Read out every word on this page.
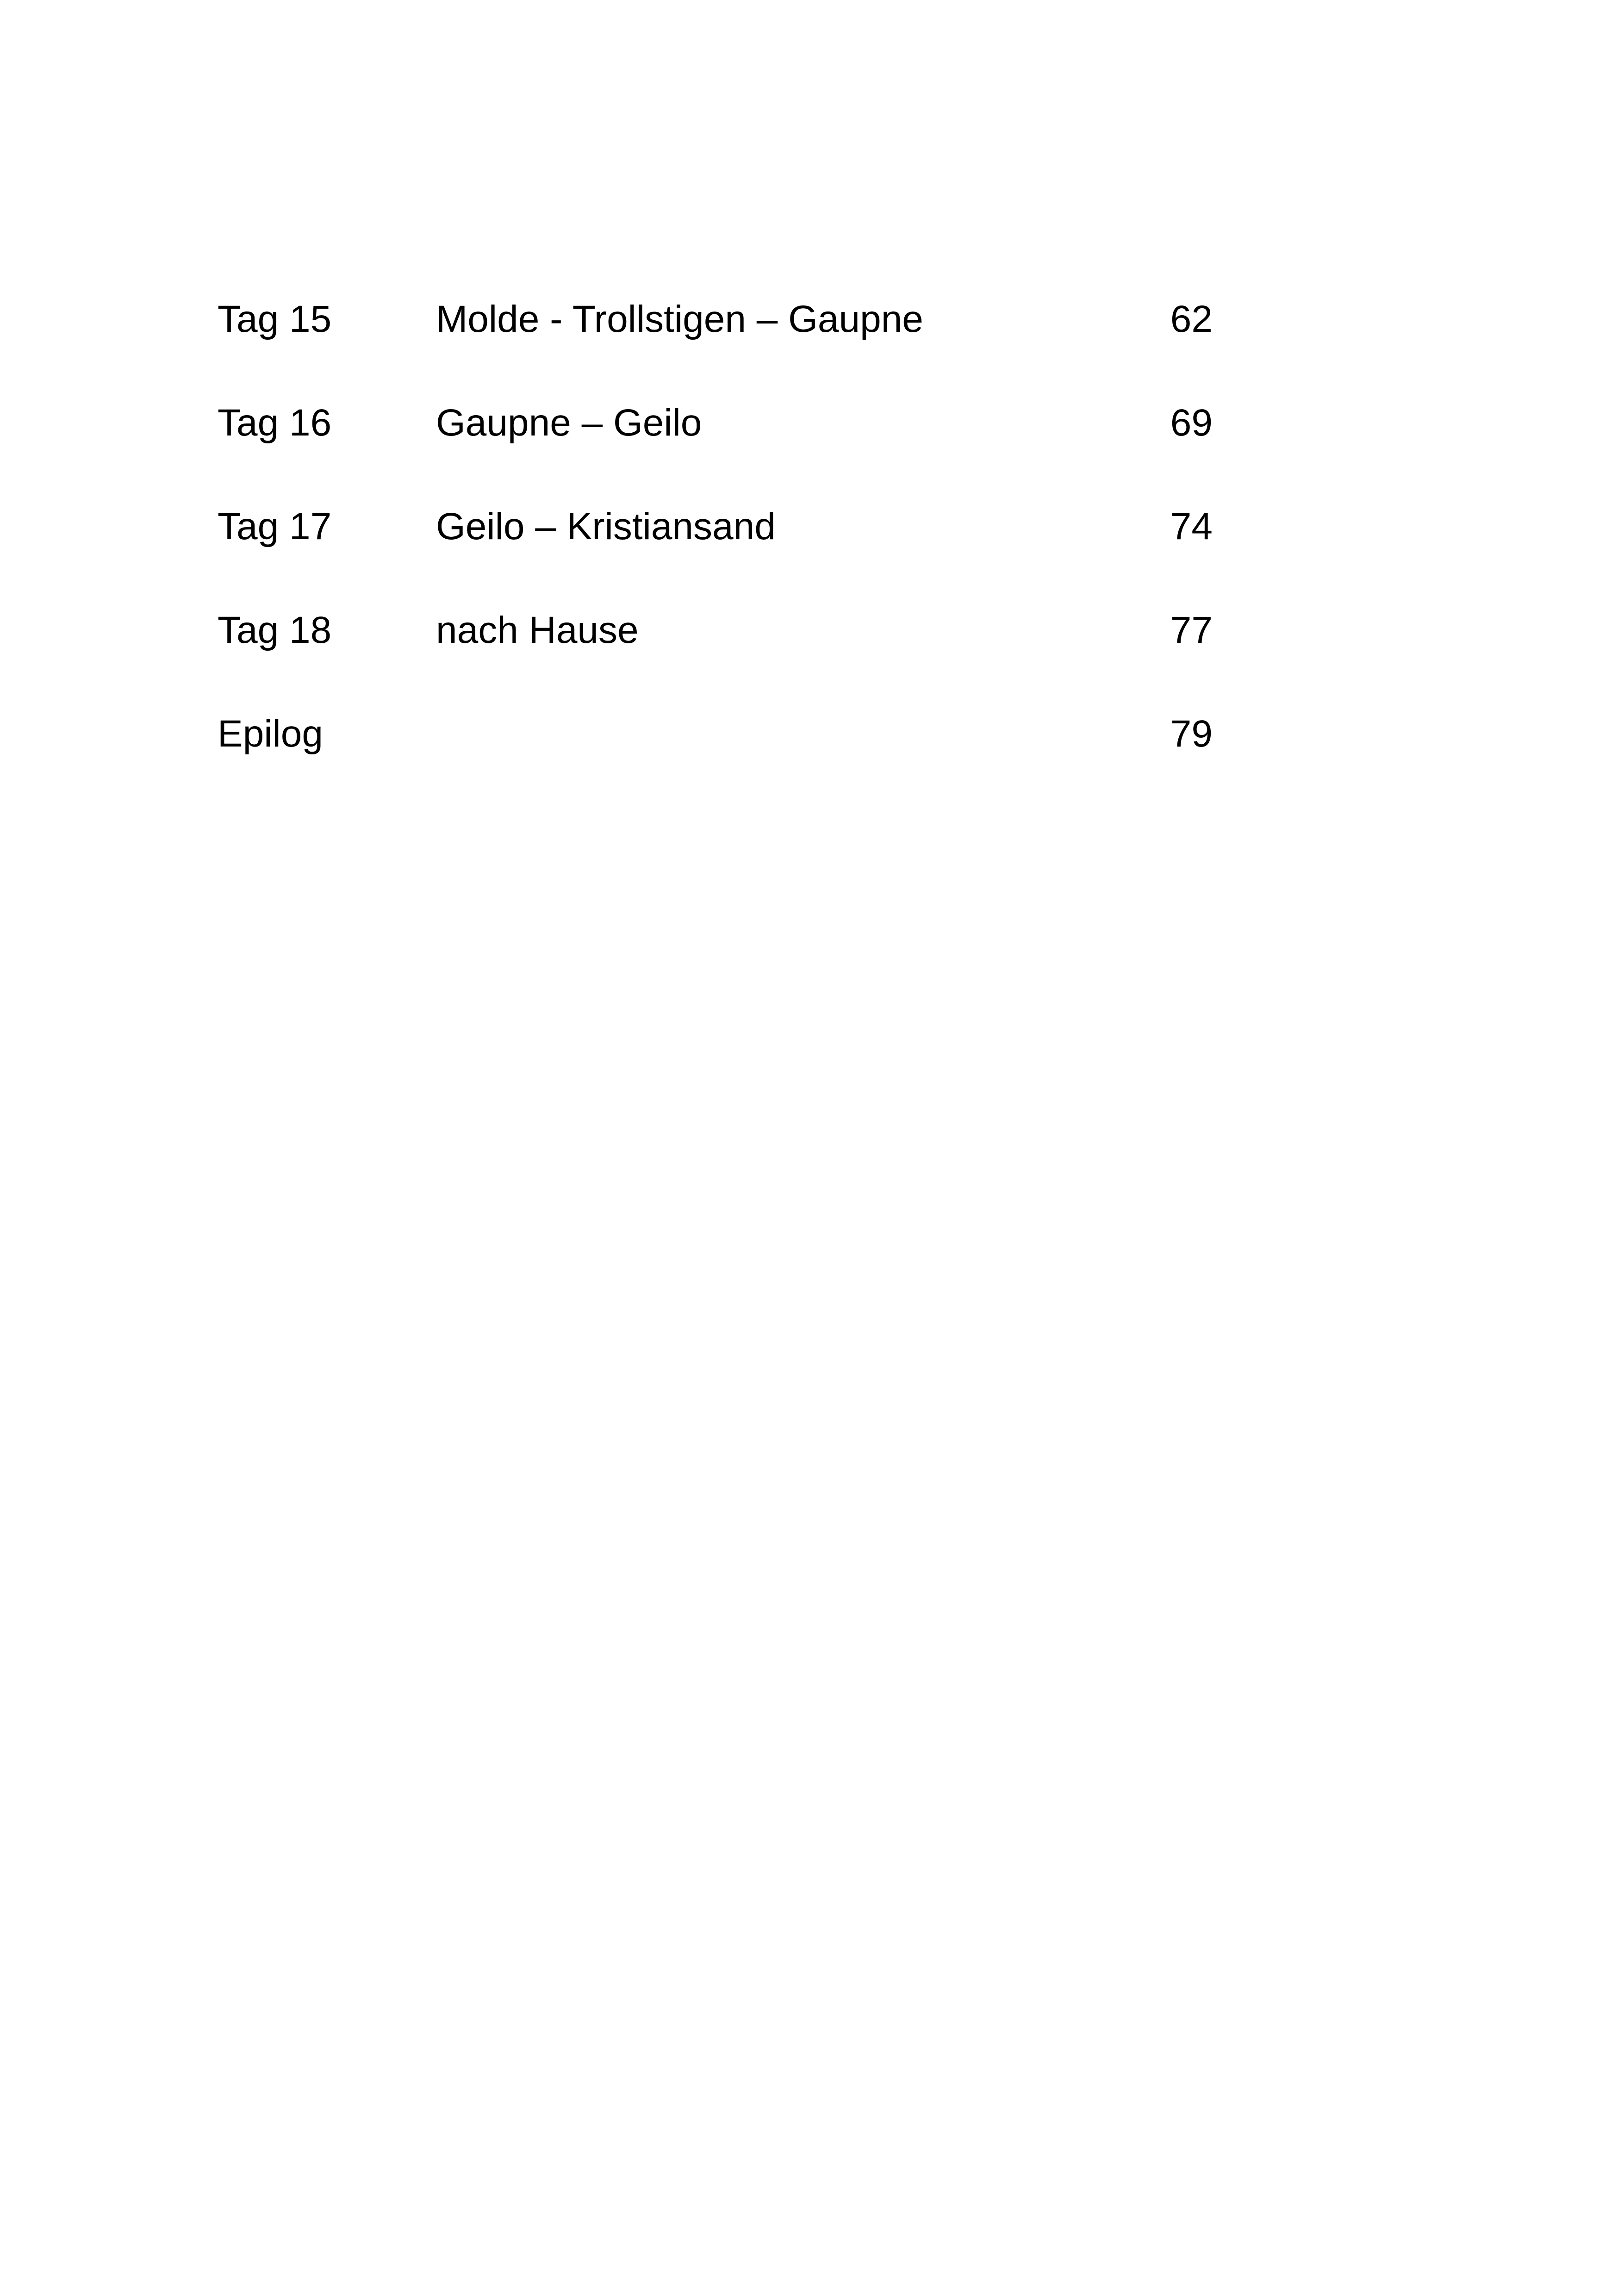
Tag 15	Molde - Trollstigen – Gaupne	62
Tag 16	Gaupne – Geilo	69
Tag 17	Geilo – Kristiansand	74
Tag 18	nach Hause	77
Epilog	79
